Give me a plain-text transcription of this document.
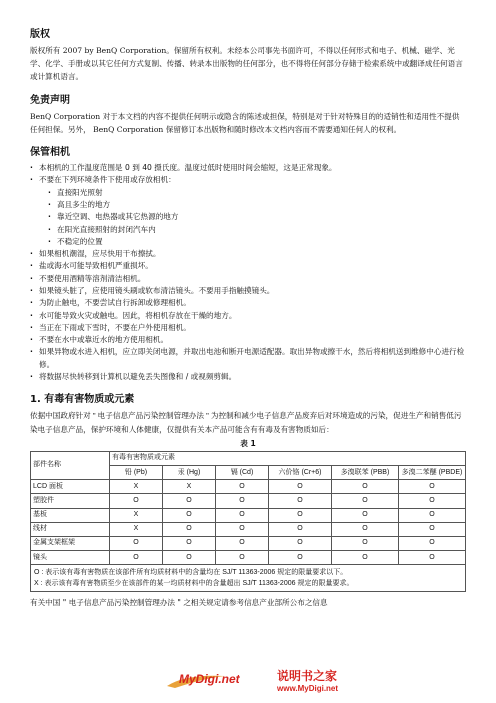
版权

版权所有 2007 by BenQ Corporation。保留所有权利。未经本公司事先书面许可，不得以任何形式和电子、机械、磁学、光学、化学、手册或以其它任何方式复制、传播、转录本出版物的任何部分，也不得将任何部分存储于检索系统中或翻译成任何语言或计算机语言。

免责声明

BenQ Corporation 对于本文档的内容不提供任何明示或隐含的陈述或担保，特别是对于针对特殊目的的适销性和适用性不提供任何担保。另外， BenQ Corporation 保留修订本出版物和随时修改本文档内容而不需要通知任何人的权利。

保管相机
· 本相机的工作温度范围是 0 到 40 摄氏度。温度过低时使用时间会缩短，这是正常现象。
· 不要在下列环境条件下使用或存放相机：
· 直接阳光照射
· 高且多尘的地方
· 靠近空调、电热器或其它热源的地方
· 在阳光直接照射的封闭汽车内
· 不稳定的位置
· 如果相机潮湿，应尽快用干布擦拭。
· 盐或海水可能导致相机严重损坏。
· 不要使用酒精等溶剂清洁相机。
· 如果镜头脏了，应使用镜头刷或软布清洁镜头。不要用手指触摸镜头。
· 为防止触电，不要尝试自行拆卸或修理相机。
· 水可能导致火灾或触电。因此，将相机存放在干燥的地方。
· 当正在下雨或下雪时，不要在户外使用相机。
· 不要在水中或靠近水的地方使用相机。
· 如果异物或水进入相机，应立即关闭电源，并取出电池和断开电源适配器。取出异物或擦干水，然后将相机送到维修中心进行检修。
· 将数据尽快转移到计算机以避免丢失图像和 / 或视频剪辑。
1. 有毒有害物质或元素

依据中国政府针对 " 电子信息产品污染控制管理办法 " 为控制和减少电子信息产品废弃后对环境造成的污染，促进生产和销售低污染电子信息产品，保护环境和人体健康，仅提供有关本产品可能含有有毒及有害物质如后：

表 1
部件名称	有毒有害物质或元素					
	铅 (Pb)	汞 (Hg)	镉 (Cd)	六价铬 (Cr+6)	多溴联苯 (PBB)	多溴二苯醚 (PBDE)
LCD 面板	X	X	O	O	O	O
塑胶件	O	O	O	O	O	O
基板	X	O	O	O	O	O
线材	X	O	O	O	O	O
金属支架框架	O	O	O	O	O	O
镜头	O	O	O	O	O	O

O : 表示该有毒有害物质在该部件所有均质材料中的含量均在 SJ/T 11363-2006 规定的限量要求以下。
X : 表示该有毒有害物质至少在该部件的某一均质材料中的含量超出 SJ/T 11363-2006 规定的限量要求。						
有关中国 " 电子信息产品污染控制管理办法 " 之相关规定请参考信息产业部所公布之信息
MyDigi.net	说明书之家
www.MyDigi.net
